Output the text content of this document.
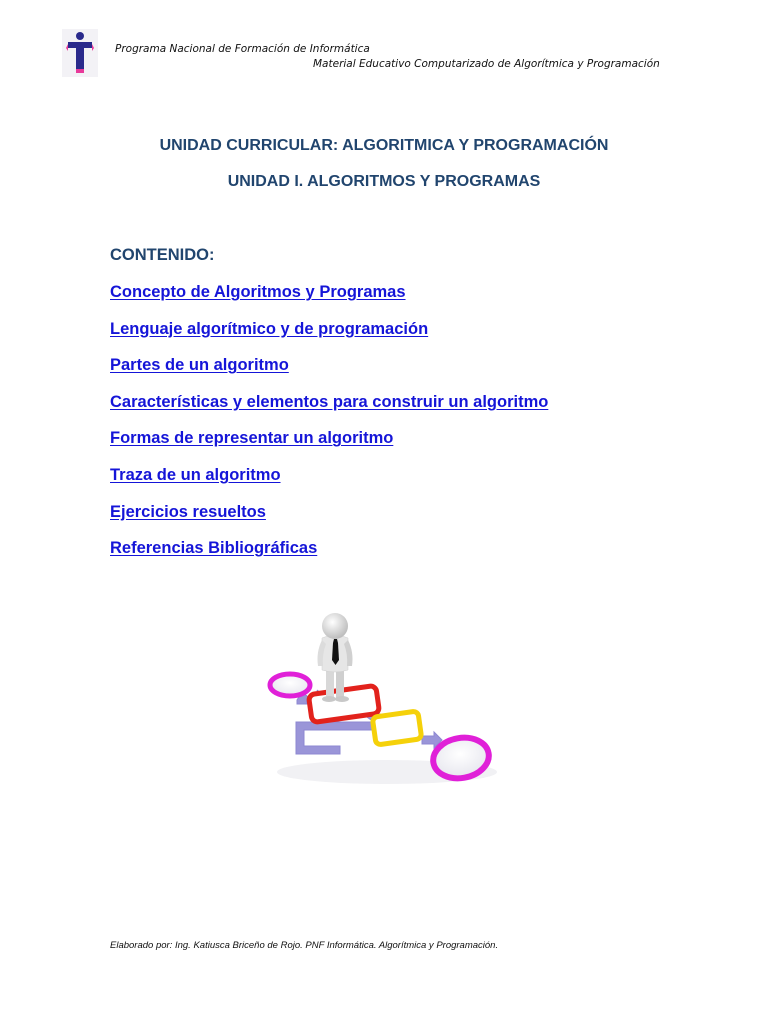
Programa Nacional de Formación de Informática
Material Educativo Computarizado de Algorítmica y Programación
UNIDAD CURRICULAR: ALGORITMICA Y PROGRAMACIÓN
UNIDAD I. ALGORITMOS Y PROGRAMAS
CONTENIDO:
Concepto de Algoritmos y Programas
Lenguaje algorítmico y de programación
Partes de un algoritmo
Características y elementos para construir un algoritmo
Formas de representar un algoritmo
Traza de un algoritmo
Ejercicios resueltos
Referencias Bibliográficas
Elaborado por: Ing. Katiusca Briceño de Rojo. PNF Informática. Algorítmica y Programación.
